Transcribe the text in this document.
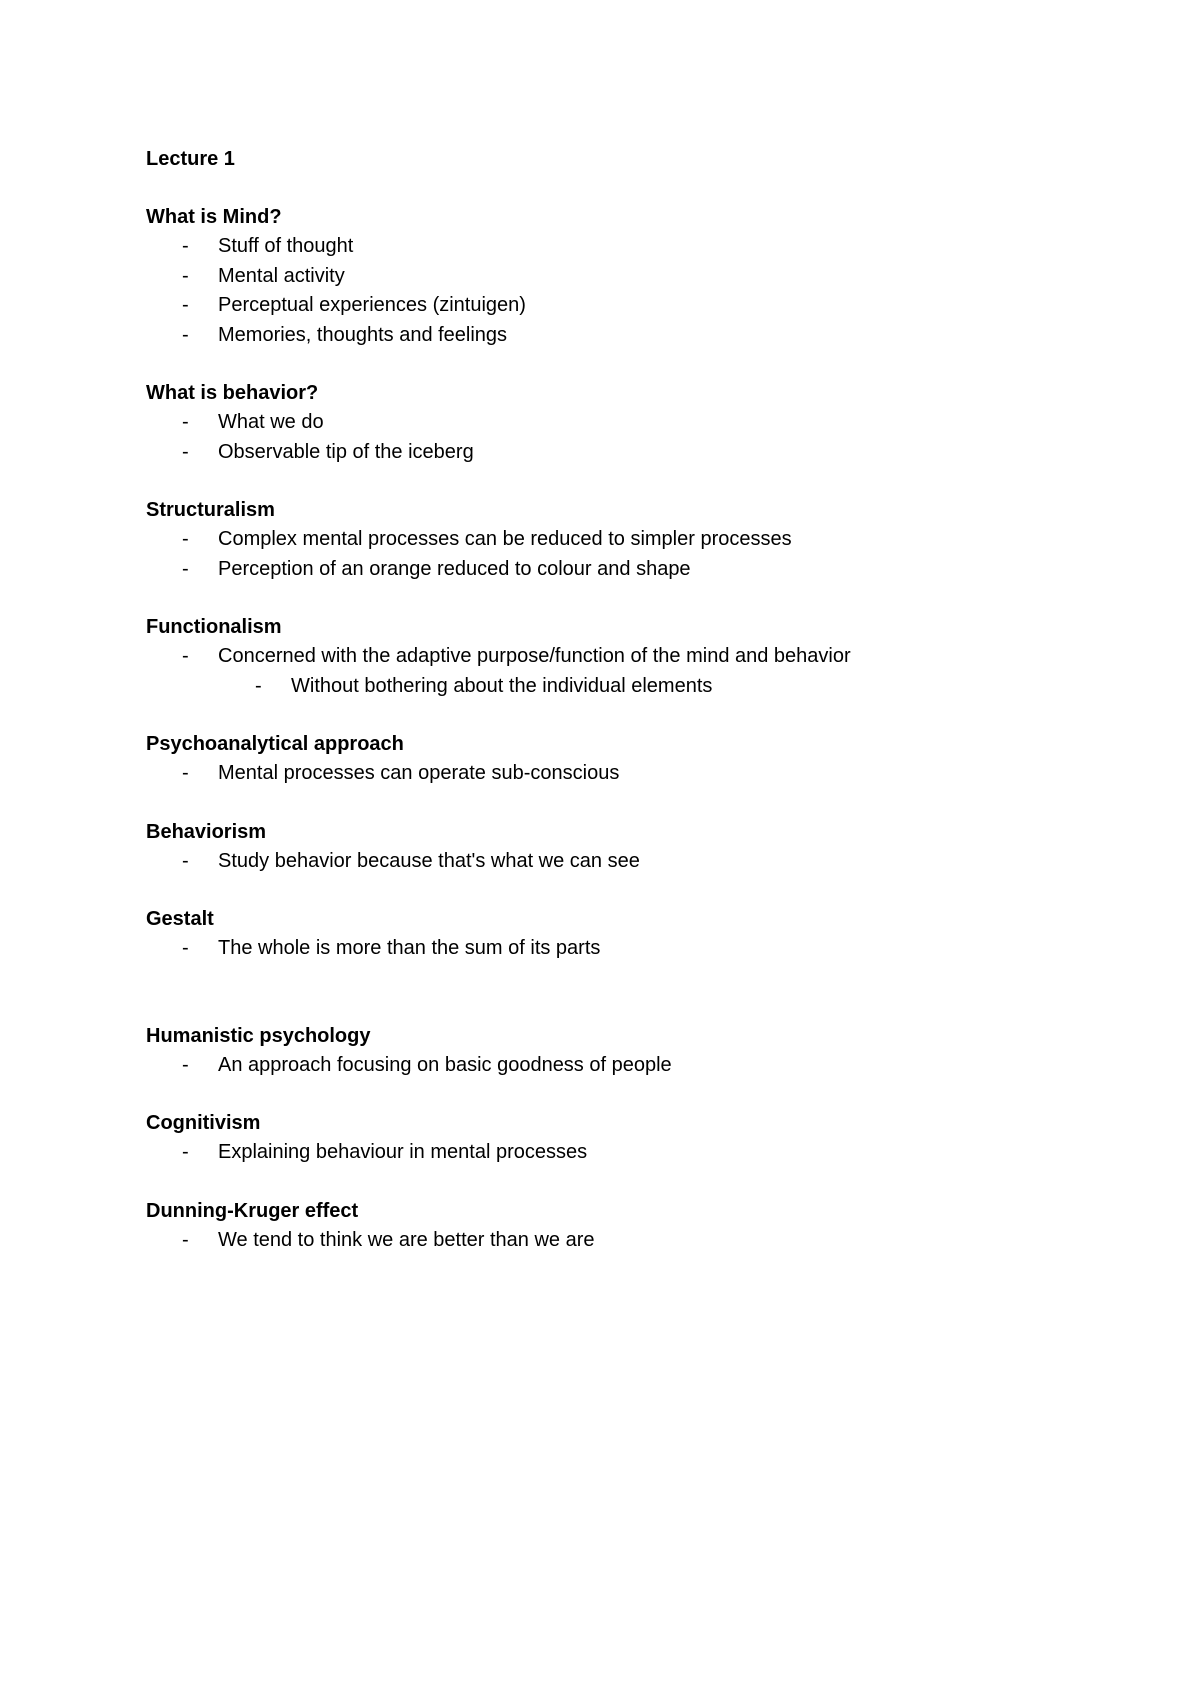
Lecture 1
What is Mind?
- Stuff of thought
- Mental activity
- Perceptual experiences (zintuigen)
- Memories, thoughts and feelings
What is behavior?
- What we do
- Observable tip of the iceberg
Structuralism
- Complex mental processes can be reduced to simpler processes
- Perception of an orange reduced to colour and shape
Functionalism
- Concerned with the adaptive purpose/function of the mind and behavior
- Without bothering about the individual elements
Psychoanalytical approach
- Mental processes can operate sub-conscious
Behaviorism
- Study behavior because that's what we can see
Gestalt
- The whole is more than the sum of its parts
Humanistic psychology
- An approach focusing on basic goodness of people
Cognitivism
- Explaining behaviour in mental processes
Dunning-Kruger effect
- We tend to think we are better than we are
